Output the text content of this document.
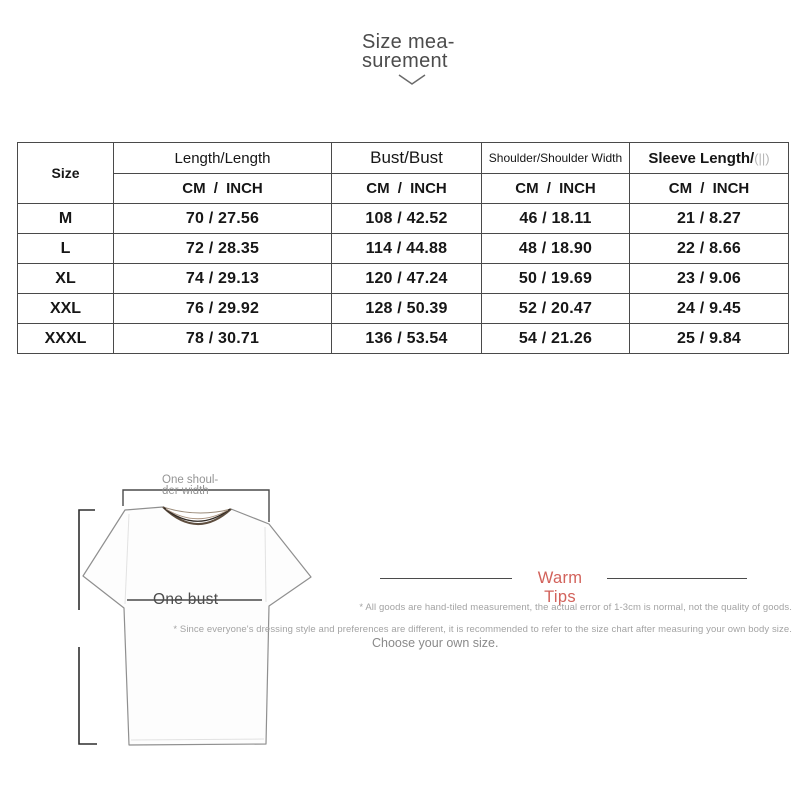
Size mea-
surement
Size	Length/Length	Bust/Bust	Shoulder/Shoulder Width	Sleeve Length/(||)
	CM / INCH	CM / INCH	CM / INCH	CM / INCH
M	70 / 27.56	108 / 42.52	46 / 18.11	21 / 8.27
L	72 / 28.35	114 / 44.88	48 / 18.90	22 / 8.66
XL	74 / 29.13	120 / 47.24	50 / 19.69	23 / 9.06
XXL	76 / 29.92	128 / 50.39	52 / 20.47	24 / 9.45
XXXL	78 / 30.71	136 / 53.54	54 / 21.26	25 / 9.84
One shoul-
der width
One bust
Warm Tips
* All goods are hand-tiled measurement, the actual error of 1-3cm is normal, not the quality of goods.
* Since everyone's dressing style and preferences are different, it is recommended to refer to the size chart after measuring your own body size.
Choose your own size.
